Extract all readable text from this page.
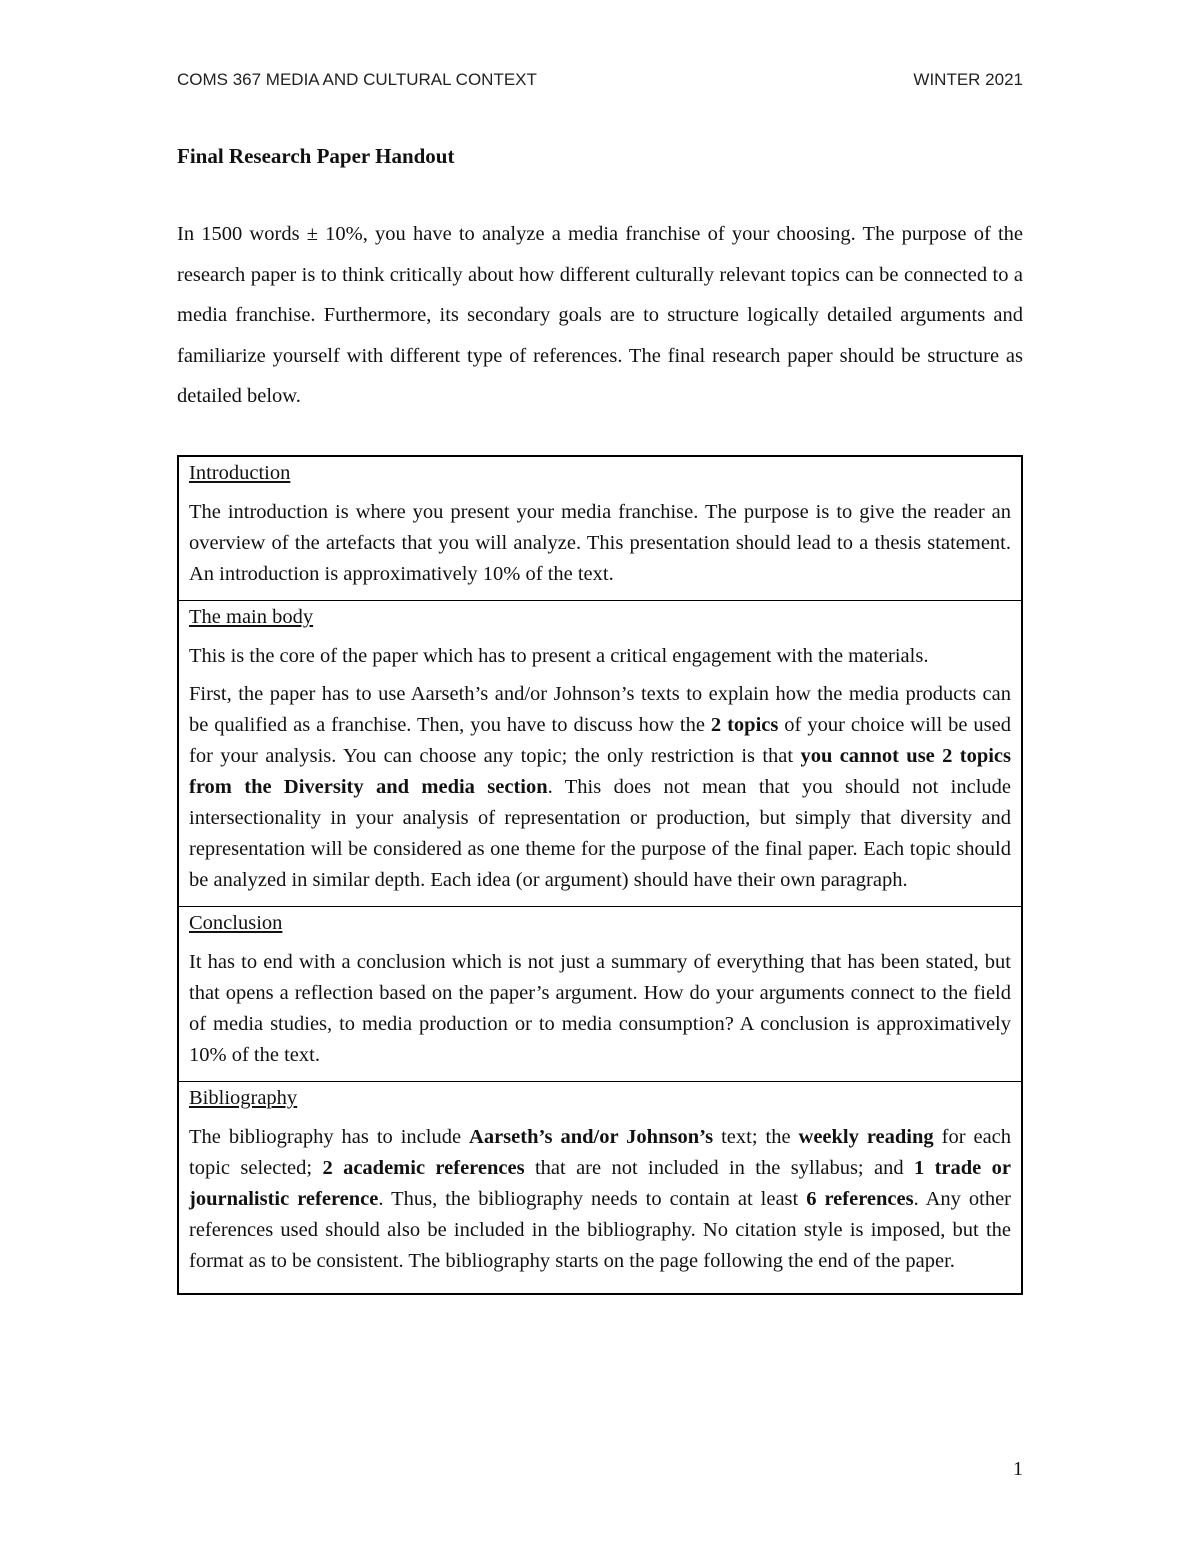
COMS 367 MEDIA AND CULTURAL CONTEXT	WINTER 2021
Final Research Paper Handout

In 1500 words ± 10%, you have to analyze a media franchise of your choosing. The purpose of the research paper is to think critically about how different culturally relevant topics can be connected to a media franchise. Furthermore, its secondary goals are to structure logically detailed arguments and familiarize yourself with different type of references. The final research paper should be structure as detailed below.

Introduction

The introduction is where you present your media franchise. The purpose is to give the reader an overview of the artefacts that you will analyze. This presentation should lead to a thesis statement. An introduction is approximatively 10% of the text.

The main body

This is the core of the paper which has to present a critical engagement with the materials.

First, the paper has to use Aarseth’s and/or Johnson’s texts to explain how the media products can be qualified as a franchise. Then, you have to discuss how the 2 topics of your choice will be used for your analysis. You can choose any topic; the only restriction is that you cannot use 2 topics from the Diversity and media section. This does not mean that you should not include intersectionality in your analysis of representation or production, but simply that diversity and representation will be considered as one theme for the purpose of the final paper. Each topic should be analyzed in similar depth. Each idea (or argument) should have their own paragraph.

Conclusion

It has to end with a conclusion which is not just a summary of everything that has been stated, but that opens a reflection based on the paper’s argument. How do your arguments connect to the field of media studies, to media production or to media consumption? A conclusion is approximatively 10% of the text.

Bibliography

The bibliography has to include Aarseth’s and/or Johnson’s text; the weekly reading for each topic selected; 2 academic references that are not included in the syllabus; and 1 trade or journalistic reference. Thus, the bibliography needs to contain at least 6 references. Any other references used should also be included in the bibliography. No citation style is imposed, but the format as to be consistent. The bibliography starts on the page following the end of the paper.

1
